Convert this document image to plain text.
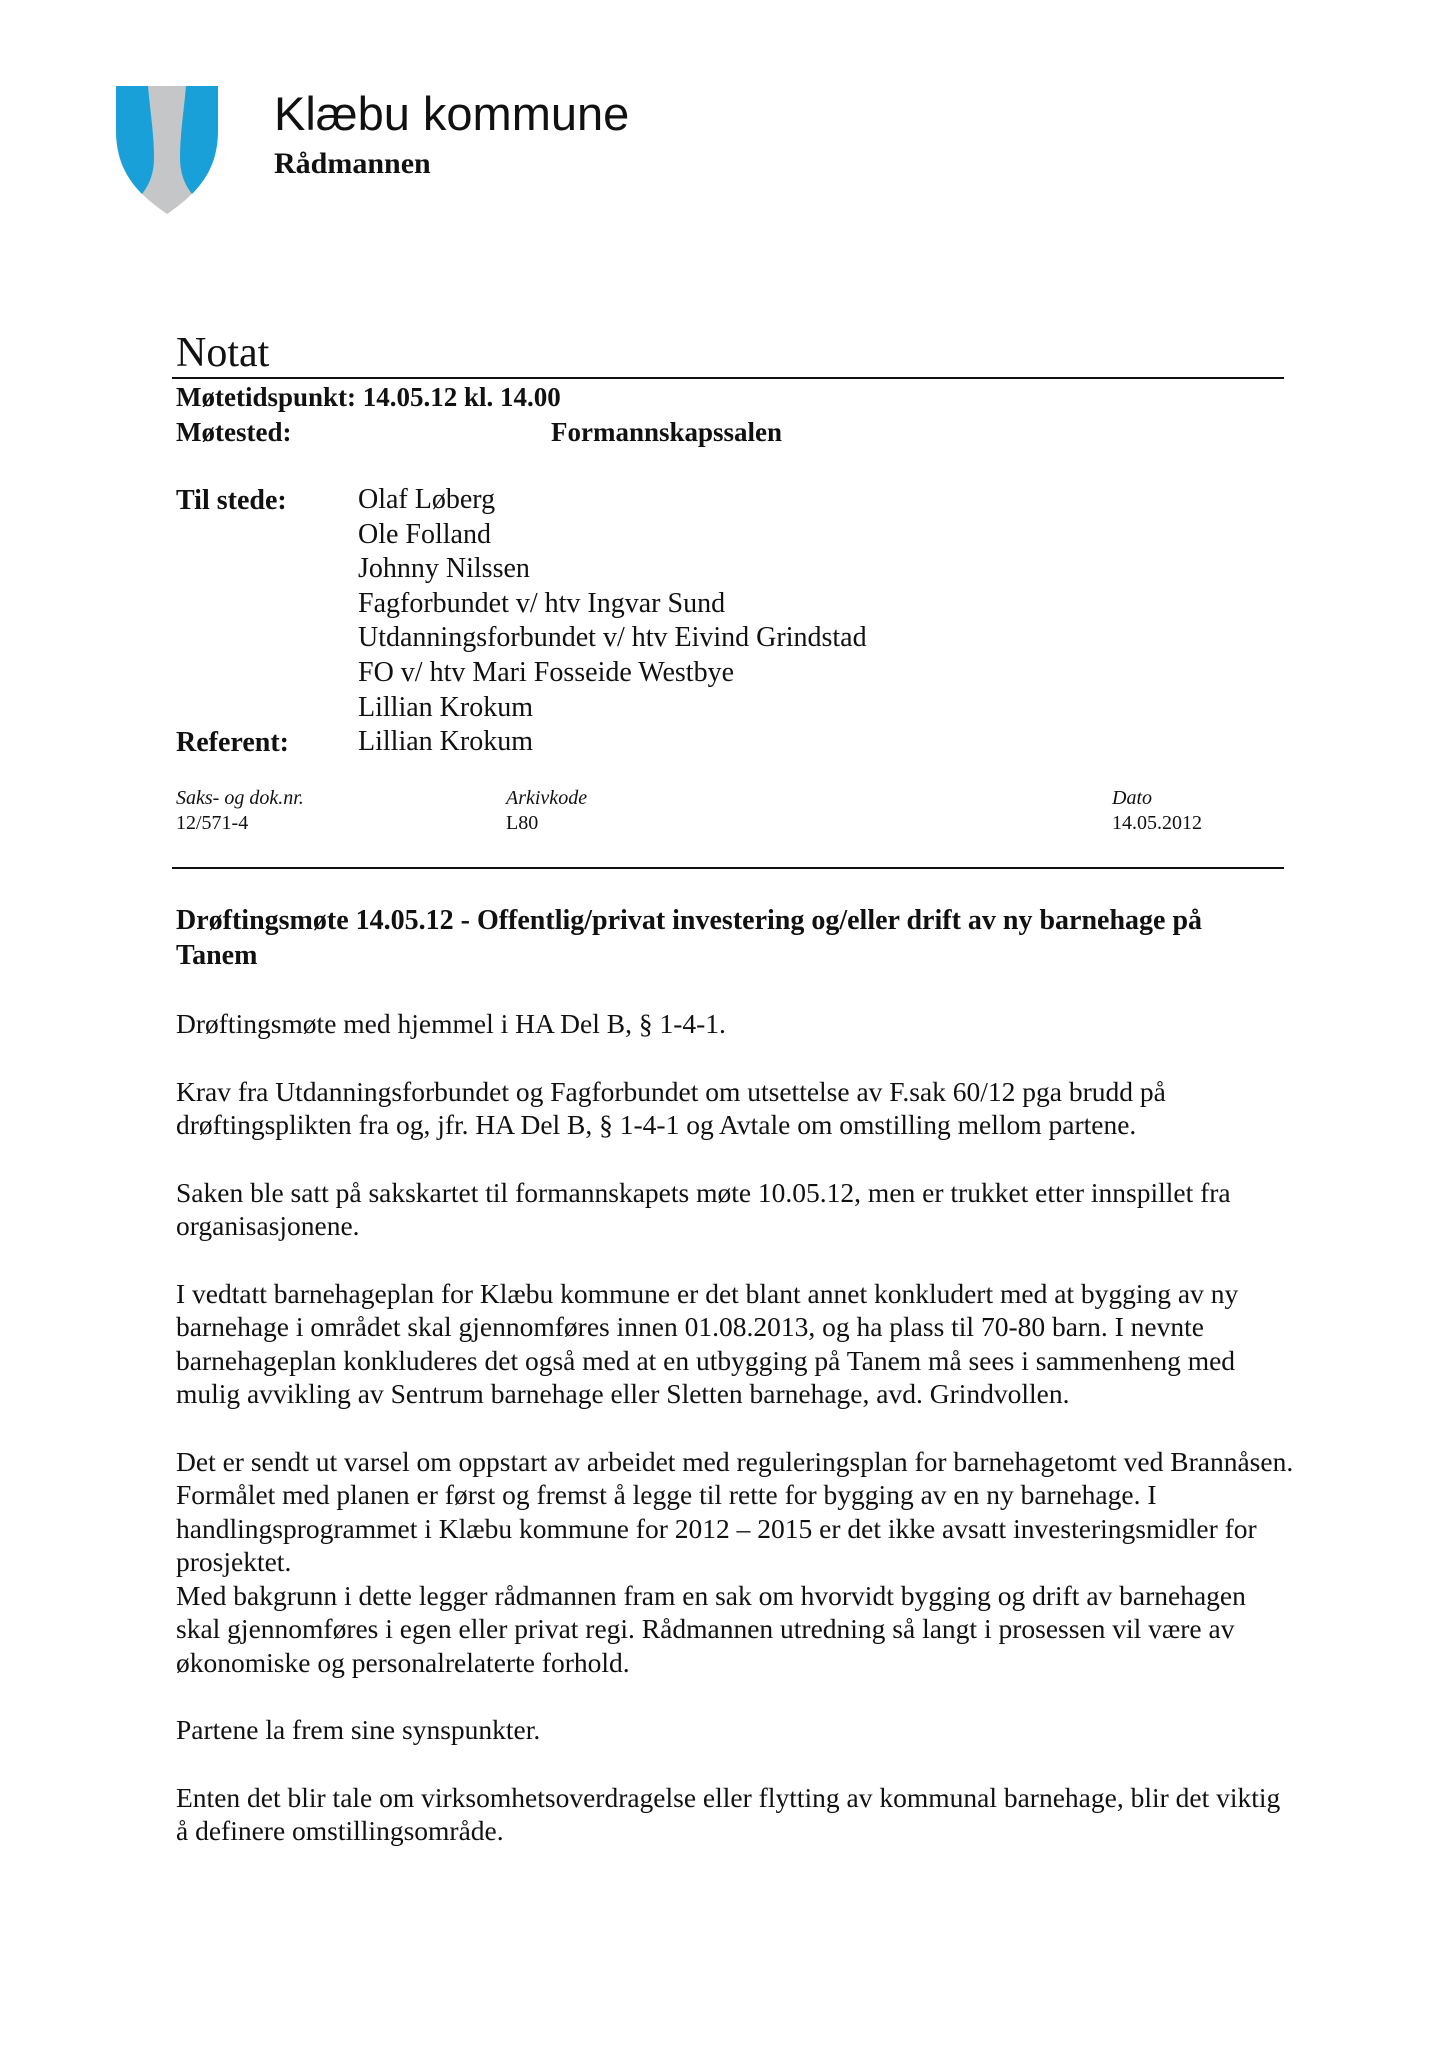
Klæbu kommune
Rådmannen
Notat
Møtetidspunkt: 14.05.12 kl. 14.00
Møtested:	Formannskapssalen
Til stede:
Referent:
Olaf Løberg
Ole Folland
Johnny Nilssen
Fagforbundet v/ htv Ingvar Sund
Utdanningsforbundet v/ htv Eivind Grindstad
FO v/ htv Mari Fosseide Westbye
Lillian Krokum
Lillian Krokum
Saks- og dok.nr.
12/571-4
Arkivkode
L80
Dato
14.05.2012
Drøftingsmøte 14.05.12 - Offentlig/privat investering og/eller drift av ny barnehage på Tanem

Drøftingsmøte med hjemmel i HA Del B, § 1-4-1.

Krav fra Utdanningsforbundet og Fagforbundet om utsettelse av F.sak 60/12 pga brudd på drøftingsplikten fra og, jfr. HA Del B, § 1-4-1 og Avtale om omstilling mellom partene.

Saken ble satt på sakskartet til formannskapets møte 10.05.12, men er trukket etter innspillet fra organisasjonene.

I vedtatt barnehageplan for Klæbu kommune er det blant annet konkludert med at bygging av ny barnehage i området skal gjennomføres innen 01.08.2013, og ha plass til 70-80 barn. I nevnte barnehageplan konkluderes det også med at en utbygging på Tanem må sees i sammenheng med mulig avvikling av Sentrum barnehage eller Sletten barnehage, avd. Grindvollen.

Det er sendt ut varsel om oppstart av arbeidet med reguleringsplan for barnehagetomt ved Brannåsen. Formålet med planen er først og fremst å legge til rette for bygging av en ny barnehage. I handlingsprogrammet i Klæbu kommune for 2012 – 2015 er det ikke avsatt investeringsmidler for prosjektet.

Med bakgrunn i dette legger rådmannen fram en sak om hvorvidt bygging og drift av barnehagen skal gjennomføres i egen eller privat regi. Rådmannen utredning så langt i prosessen vil være av økonomiske og personalrelaterte forhold.

Partene la frem sine synspunkter.

Enten det blir tale om virksomhetsoverdragelse eller flytting av kommunal barnehage, blir det viktig å definere omstillingsområde.
